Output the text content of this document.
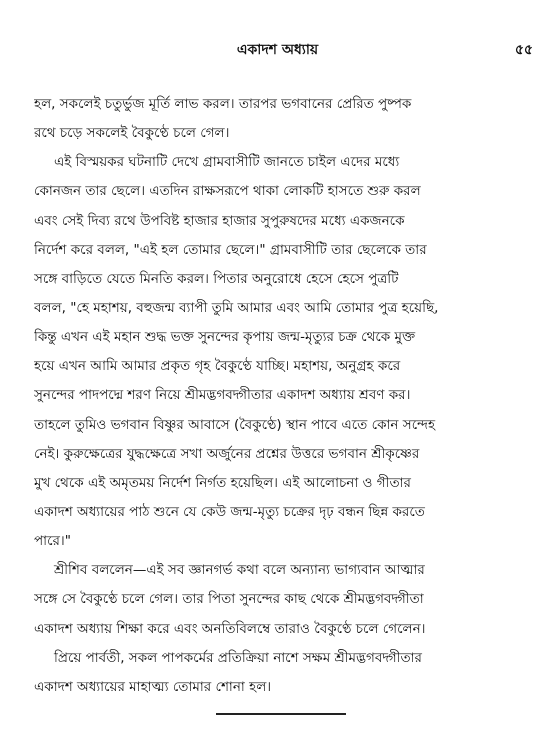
একাদশ অধ্যায়	৫৫
হল, সকলেই চতুর্ভুজ মূর্তি লাভ করল। তারপর ভগবানের প্রেরিত পুষ্পক
রথে চড়ে সকলেই বৈকুণ্ঠে চলে গেল।
এই বিস্ময়কর ঘটনাটি দেখে গ্রামবাসীটি জানতে চাইল এদের মধ্যে
কোনজন তার ছেলে। এতদিন রাক্ষসরূপে থাকা লোকটি হাসতে শুরু করল
এবং সেই দিব্য রথে উপবিষ্ট হাজার হাজার সুপুরুষদের মধ্যে একজনকে
নির্দেশ করে বলল, "এই হল তোমার ছেলে।" গ্রামবাসীটি তার ছেলেকে তার
সঙ্গে বাড়িতে যেতে মিনতি করল। পিতার অনুরোধে হেসে হেসে পুত্রটি
বলল, "হে মহাশয়, বহুজন্ম ব্যাপী তুমি আমার এবং আমি তোমার পুত্র হয়েছি,
কিন্তু এখন এই মহান শুদ্ধ ভক্ত সুনন্দের কৃপায় জন্ম-মৃত্যুর চক্র থেকে মুক্ত
হয়ে এখন আমি আমার প্রকৃত গৃহ বৈকুণ্ঠে যাচ্ছি। মহাশয়, অনুগ্রহ করে
সুনন্দের পাদপদ্মে শরণ নিয়ে শ্রীমদ্ভগবদ্গীতার একাদশ অধ্যায় শ্রবণ কর।
তাহলে তুমিও ভগবান বিষ্ণুর আবাসে (বৈকুণ্ঠে) স্থান পাবে এতে কোন সন্দেহ
নেই। কুরুক্ষেত্রের যুদ্ধক্ষেত্রে সখা অর্জুনের প্রশ্নের উত্তরে ভগবান শ্রীকৃষ্ণের
মুখ থেকে এই অমৃতময় নির্দেশ নির্গত হয়েছিল। এই আলোচনা ও গীতার
একাদশ অধ্যায়ের পাঠ শুনে যে কেউ জন্ম-মৃত্যু চক্রের দৃঢ় বন্ধন ছিন্ন করতে
পারে।"
শ্রীশিব বললেন—এই সব জ্ঞানগর্ভ কথা বলে অন্যান্য ভাগ্যবান আত্মার
সঙ্গে সে বৈকুণ্ঠে চলে গেল। তার পিতা সুনন্দের কাছ থেকে শ্রীমদ্ভগবদ্গীতা
একাদশ অধ্যায় শিক্ষা করে এবং অনতিবিলম্বে তারাও বৈকুণ্ঠে চলে গেলেন।
প্রিয়ে পার্বতী, সকল পাপকর্মের প্রতিক্রিয়া নাশে সক্ষম শ্রীমদ্ভগবদ্গীতার
একাদশ অধ্যায়ের মাহাত্ম্য তোমার শোনা হল।
